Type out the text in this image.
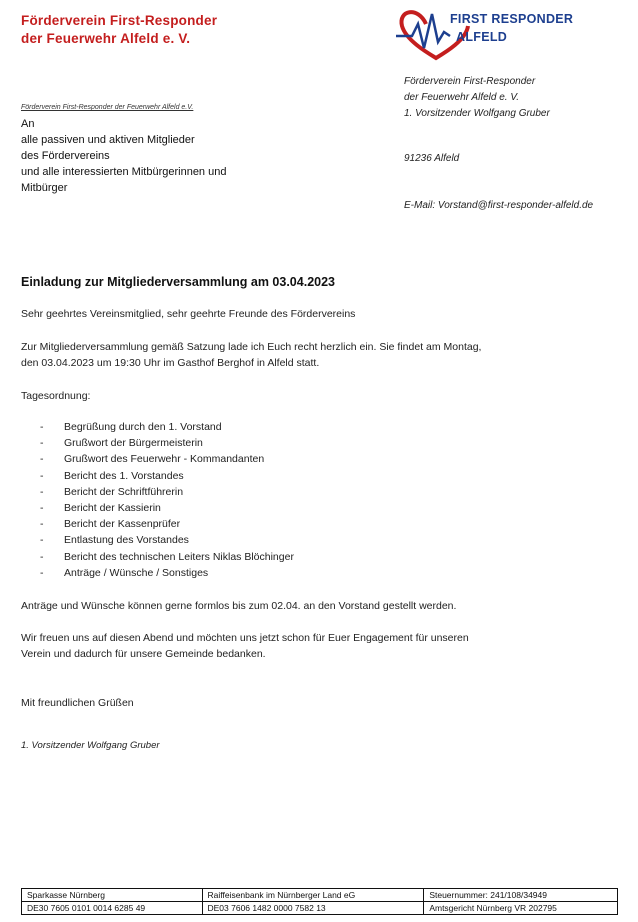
Förderverein First-Responder
der Feuerwehr Alfeld e. V.
FIRST RESPONDER
ALFELD
Förderverein First-Responder
der Feuerwehr Alfeld e. V.
1. Vorsitzender Wolfgang Gruber
91236 Alfeld
E-Mail: Vorstand@first-responder-alfeld.de
Förderverein First-Responder der Feuerwehr Alfeld e.V.
An
alle passiven und aktiven Mitglieder
des Fördervereins
und alle interessierten Mitbürgerinnen und
Mitbürger
Einladung zur Mitgliederversammlung am 03.04.2023
Sehr geehrtes Vereinsmitglied, sehr geehrte Freunde des Fördervereins
Zur Mitgliederversammlung gemäß Satzung lade ich Euch recht herzlich ein. Sie findet am Montag,
den 03.04.2023 um 19:30 Uhr im Gasthof Berghof in Alfeld statt.
Tagesordnung:
- Begrüßung durch den 1. Vorstand
- Grußwort der Bürgermeisterin
- Grußwort des Feuerwehr - Kommandanten
- Bericht des 1. Vorstandes
- Bericht der Schriftführerin
- Bericht der Kassierin
- Bericht der Kassenprüfer
- Entlastung des Vorstandes
- Bericht des technischen Leiters Niklas Blöchinger
- Anträge / Wünsche / Sonstiges
Anträge und Wünsche können gerne formlos bis zum 02.04. an den Vorstand gestellt werden.
Wir freuen uns auf diesen Abend und möchten uns jetzt schon für Euer Engagement für unseren
Verein und dadurch für unsere Gemeinde bedanken.
Mit freundlichen Grüßen
1. Vorsitzender Wolfgang Gruber
Sparkasse Nürnberg	Raiffeisenbank im Nürnberger Land eG	Steuernummer: 241/108/34949
DE30 7605 0101 0014 6285 49	DE03 7606 1482 0000 7582 13	Amtsgericht Nürnberg VR 202795
